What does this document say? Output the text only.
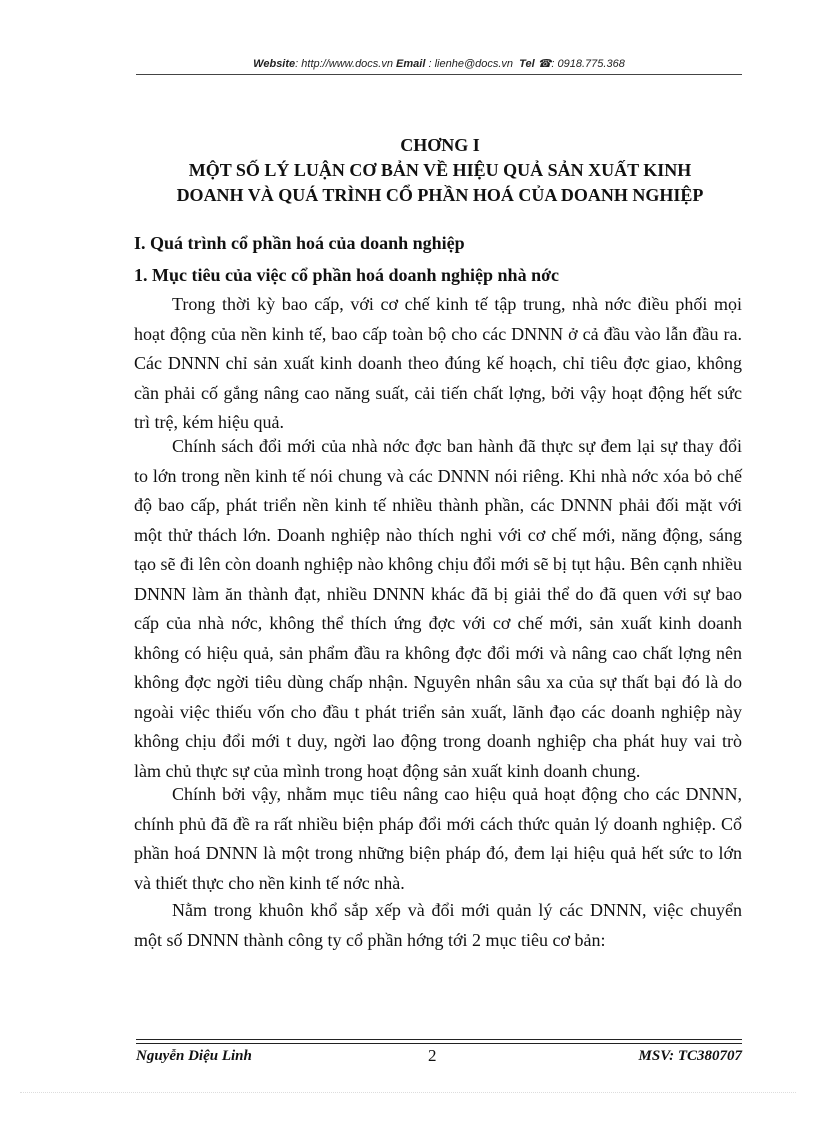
Website: http://www.docs.vn Email : lienhe@docs.vn Tel ☎: 0918.775.368
CHƠNG I
MỘT SỐ LÝ LUẬN CƠ BẢN VỀ HIỆU QUẢ SẢN XUẤT KINH
DOANH VÀ QUÁ TRÌNH CỔ PHẦN HOÁ CỦA DOANH NGHIỆP
I. Quá trình cổ phần hoá của doanh nghiệp
1. Mục tiêu của việc cổ phần hoá doanh nghiệp nhà nớc
Trong thời kỳ bao cấp, với cơ chế kinh tế tập trung, nhà nớc điều phối mọi hoạt động của nền kinh tế, bao cấp toàn bộ cho các DNNN ở cả đầu vào lẫn đầu ra. Các DNNN chỉ sản xuất kinh doanh theo đúng kế hoạch, chỉ tiêu đợc giao, không cần phải cố gắng nâng cao năng suất, cải tiến chất lợng, bởi vậy hoạt động hết sức trì trệ, kém hiệu quả.
Chính sách đổi mới của nhà nớc đợc ban hành đã thực sự đem lại sự thay đổi to lớn trong nền kinh tế nói chung và các DNNN nói riêng. Khi nhà nớc xóa bỏ chế độ bao cấp, phát triển nền kinh tế nhiều thành phần, các DNNN phải đối mặt với một thử thách lớn. Doanh nghiệp nào thích nghi với cơ chế mới, năng động, sáng tạo sẽ đi lên còn doanh nghiệp nào không chịu đổi mới sẽ bị tụt hậu. Bên cạnh nhiều DNNN làm ăn thành đạt, nhiều DNNN khác đã bị giải thể do đã quen với sự bao cấp của nhà nớc, không thể thích ứng đợc với cơ chế mới, sản xuất kinh doanh không có hiệu quả, sản phẩm đầu ra không đợc đổi mới và nâng cao chất lợng nên không đợc ngời tiêu dùng chấp nhận. Nguyên nhân sâu xa của sự thất bại đó là do ngoài việc thiếu vốn cho đầu t phát triển sản xuất, lãnh đạo các doanh nghiệp này không chịu đổi mới t duy, ngời lao động trong doanh nghiệp cha phát huy vai trò làm chủ thực sự của mình trong hoạt động sản xuất kinh doanh chung.
Chính bởi vậy, nhằm mục tiêu nâng cao hiệu quả hoạt động cho các DNNN, chính phủ đã đề ra rất nhiều biện pháp đổi mới cách thức quản lý doanh nghiệp. Cổ phần hoá DNNN là một trong những biện pháp đó, đem lại hiệu quả hết sức to lớn và thiết thực cho nền kinh tế nớc nhà.
Nằm trong khuôn khổ sắp xếp và đổi mới quản lý các DNNN, việc chuyển một số DNNN thành công ty cổ phần hớng tới 2 mục tiêu cơ bản:
Nguyễn Diệu Linh	2	MSV: TC380707
